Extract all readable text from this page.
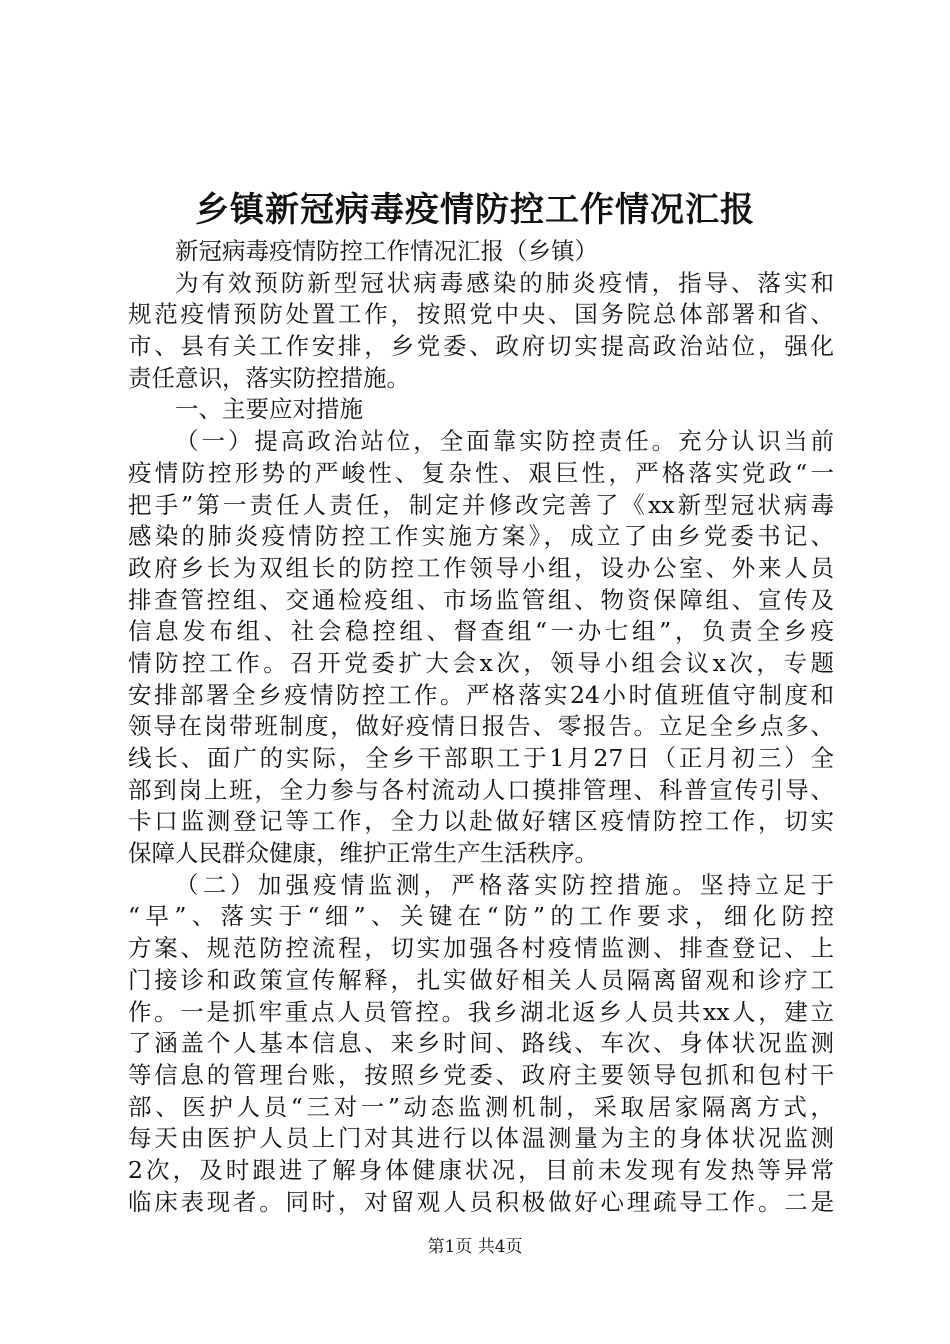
乡镇新冠病毒疫情防控工作情况汇报
新冠病毒疫情防控工作情况汇报（乡镇）
为有效预防新型冠状病毒感染的肺炎疫情，指导、落实和
规范疫情预防处置工作，按照党中央、国务院总体部署和省、
市、县有关工作安排，乡党委、政府切实提高政治站位，强化
责任意识，落实防控措施。
一、主要应对措施
（一）提高政治站位，全面靠实防控责任。充分认识当前
疫情防控形势的严峻性、复杂性、艰巨性，严格落实党政“一
把手”第一责任人责任，制定并修改完善了《xx新型冠状病毒
感染的肺炎疫情防控工作实施方案》，成立了由乡党委书记、
政府乡长为双组长的防控工作领导小组，设办公室、外来人员
排查管控组、交通检疫组、市场监管组、物资保障组、宣传及
信息发布组、社会稳控组、督查组“一办七组”，负责全乡疫
情防控工作。召开党委扩大会x次，领导小组会议x次，专题
安排部署全乡疫情防控工作。严格落实24小时值班值守制度和
领导在岗带班制度，做好疫情日报告、零报告。立足全乡点多、
线长、面广的实际，全乡干部职工于1月27日（正月初三）全
部到岗上班，全力参与各村流动人口摸排管理、科普宣传引导、
卡口监测登记等工作，全力以赴做好辖区疫情防控工作，切实
保障人民群众健康，维护正常生产生活秩序。
（二）加强疫情监测，严格落实防控措施。坚持立足于
“早”、落实于“细”、关键在“防”的工作要求，细化防控
方案、规范防控流程，切实加强各村疫情监测、排查登记、上
门接诊和政策宣传解释，扎实做好相关人员隔离留观和诊疗工
作。一是抓牢重点人员管控。我乡湖北返乡人员共xx人，建立
了涵盖个人基本信息、来乡时间、路线、车次、身体状况监测
等信息的管理台账，按照乡党委、政府主要领导包抓和包村干
部、医护人员“三对一”动态监测机制，采取居家隔离方式，
每天由医护人员上门对其进行以体温测量为主的身体状况监测
2次，及时跟进了解身体健康状况，目前未发现有发热等异常
临床表现者。同时，对留观人员积极做好心理疏导工作。二是
第1页 共4页
